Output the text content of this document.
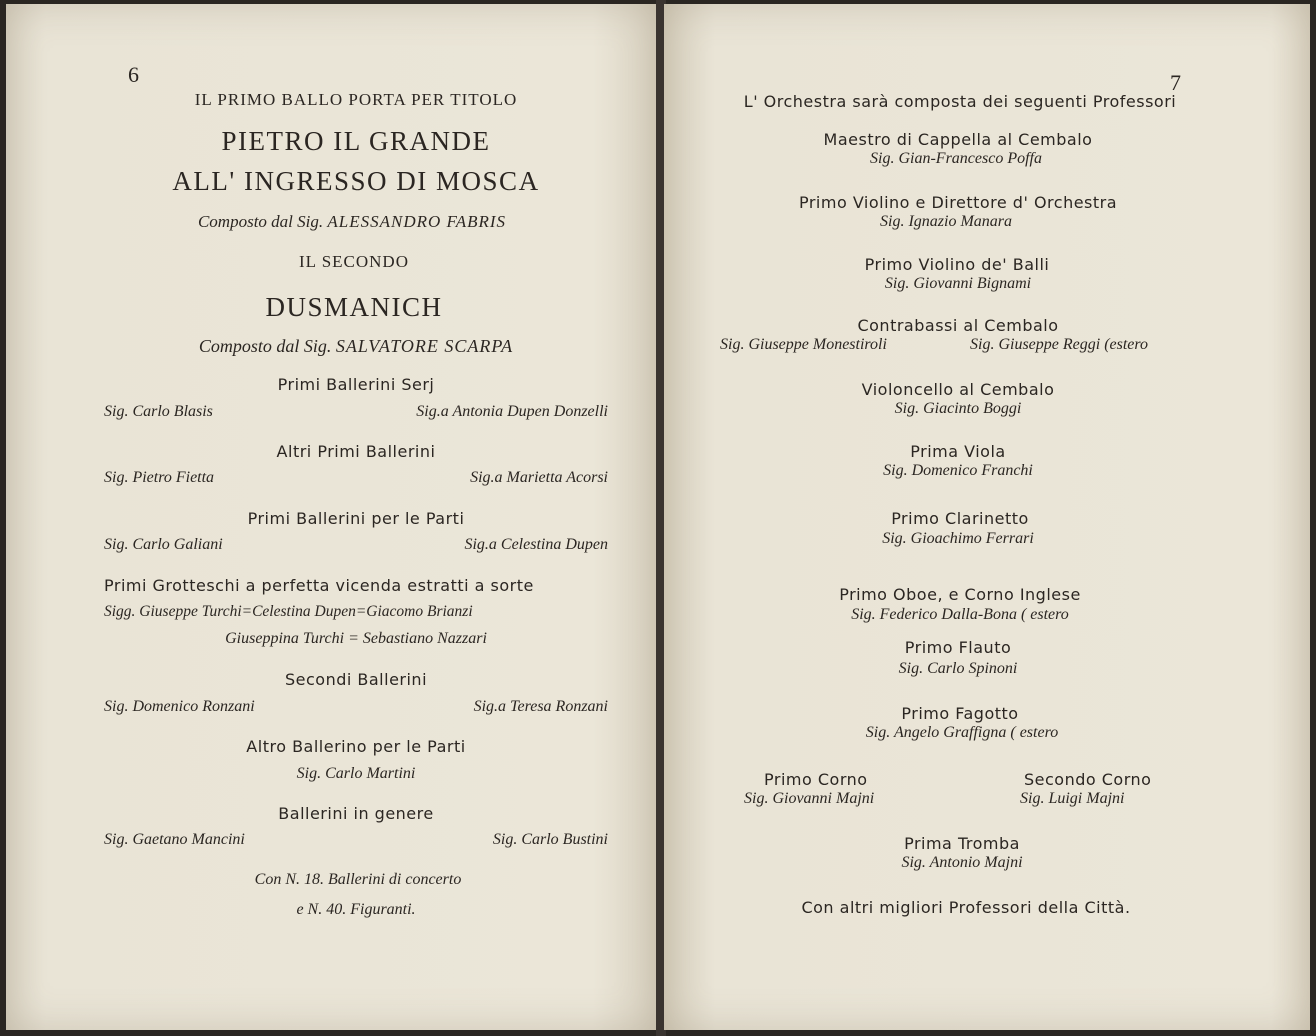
6
IL PRIMO BALLO PORTA PER TITOLO
PIETRO IL GRANDE
ALL' INGRESSO DI MOSCA
Composto dal Sig. ALESSANDRO FABRIS
IL SECONDO
DUSMANICH
Composto dal Sig. SALVATORE SCARPA
Primi Ballerini Serj
Sig. Carlo Blasis	Sig.a Antonia Dupen Donzelli
Altri Primi Ballerini
Sig. Pietro Fietta	Sig.a Marietta Acorsi
Primi Ballerini per le Parti
Sig. Carlo Galiani	Sig.a Celestina Dupen
Primi Grotteschi a perfetta vicenda estratti a sorte
Sigg. Giuseppe Turchi=Celestina Dupen=Giacomo Brianzi
Giuseppina Turchi = Sebastiano Nazzari
Secondi Ballerini
Sig. Domenico Ronzani	Sig.a Teresa Ronzani
Altro Ballerino per le Parti
Sig. Carlo Martini
Ballerini in genere
Sig. Gaetano Mancini	Sig. Carlo Bustini
Con N. 18. Ballerini di concerto
e N. 40. Figuranti.
7
L' Orchestra sarà composta dei seguenti Professori
Maestro di Cappella al Cembalo
Sig. Gian-Francesco Poffa
Primo Violino e Direttore d' Orchestra
Sig. Ignazio Manara
Primo Violino de' Balli
Sig. Giovanni Bignami
Contrabassi al Cembalo
Sig. Giuseppe Monestiroli	Sig. Giuseppe Reggi (estero
Violoncello al Cembalo
Sig. Giacinto Boggi
Prima Viola
Sig. Domenico Franchi
Primo Clarinetto
Sig. Gioachimo Ferrari
Primo Oboe, e Corno Inglese
Sig. Federico Dalla-Bona ( estero
Primo Flauto
Sig. Carlo Spinoni
Primo Fagotto
Sig. Angelo Graffigna ( estero
Primo Corno
Sig. Giovanni Majni
Secondo Corno
Sig. Luigi Majni
Prima Tromba
Sig. Antonio Majni
Con altri migliori Professori della Città.
